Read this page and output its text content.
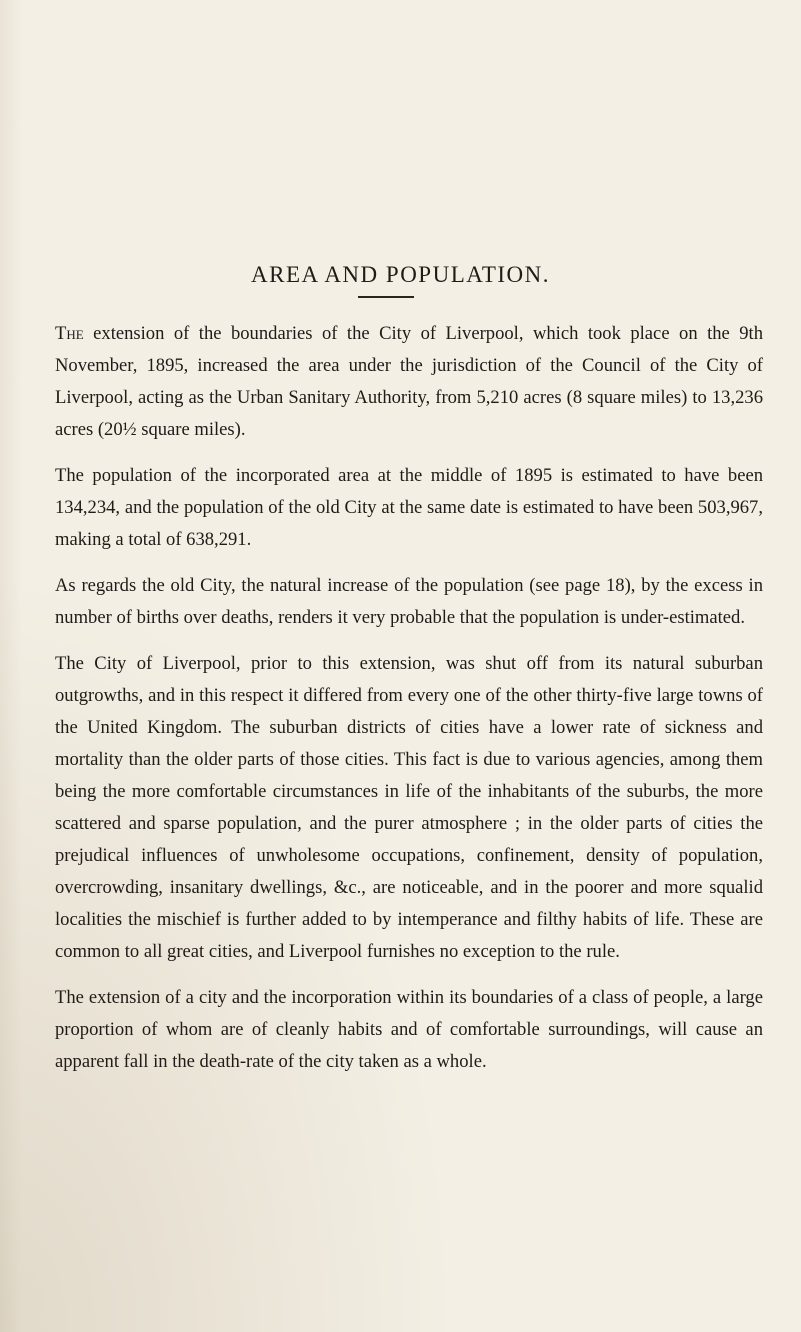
AREA AND POPULATION.

The extension of the boundaries of the City of Liverpool, which took place on the 9th November, 1895, increased the area under the jurisdiction of the Council of the City of Liverpool, acting as the Urban Sanitary Authority, from 5,210 acres (8 square miles) to 13,236 acres (20½ square miles).

The population of the incorporated area at the middle of 1895 is estimated to have been 134,234, and the population of the old City at the same date is estimated to have been 503,967, making a total of 638,291.

As regards the old City, the natural increase of the population (see page 18), by the excess in number of births over deaths, renders it very probable that the population is under-estimated.

The City of Liverpool, prior to this extension, was shut off from its natural suburban outgrowths, and in this respect it differed from every one of the other thirty-five large towns of the United Kingdom. The suburban districts of cities have a lower rate of sickness and mortality than the older parts of those cities. This fact is due to various agencies, among them being the more comfortable circumstances in life of the inhabitants of the suburbs, the more scattered and sparse population, and the purer atmosphere ; in the older parts of cities the prejudical influences of unwholesome occupations, confinement, density of population, overcrowding, insanitary dwellings, &c., are noticeable, and in the poorer and more squalid localities the mischief is further added to by intemperance and filthy habits of life. These are common to all great cities, and Liverpool furnishes no exception to the rule.

The extension of a city and the incorporation within its boundaries of a class of people, a large proportion of whom are of cleanly habits and of comfortable surroundings, will cause an apparent fall in the death-rate of the city taken as a whole.
